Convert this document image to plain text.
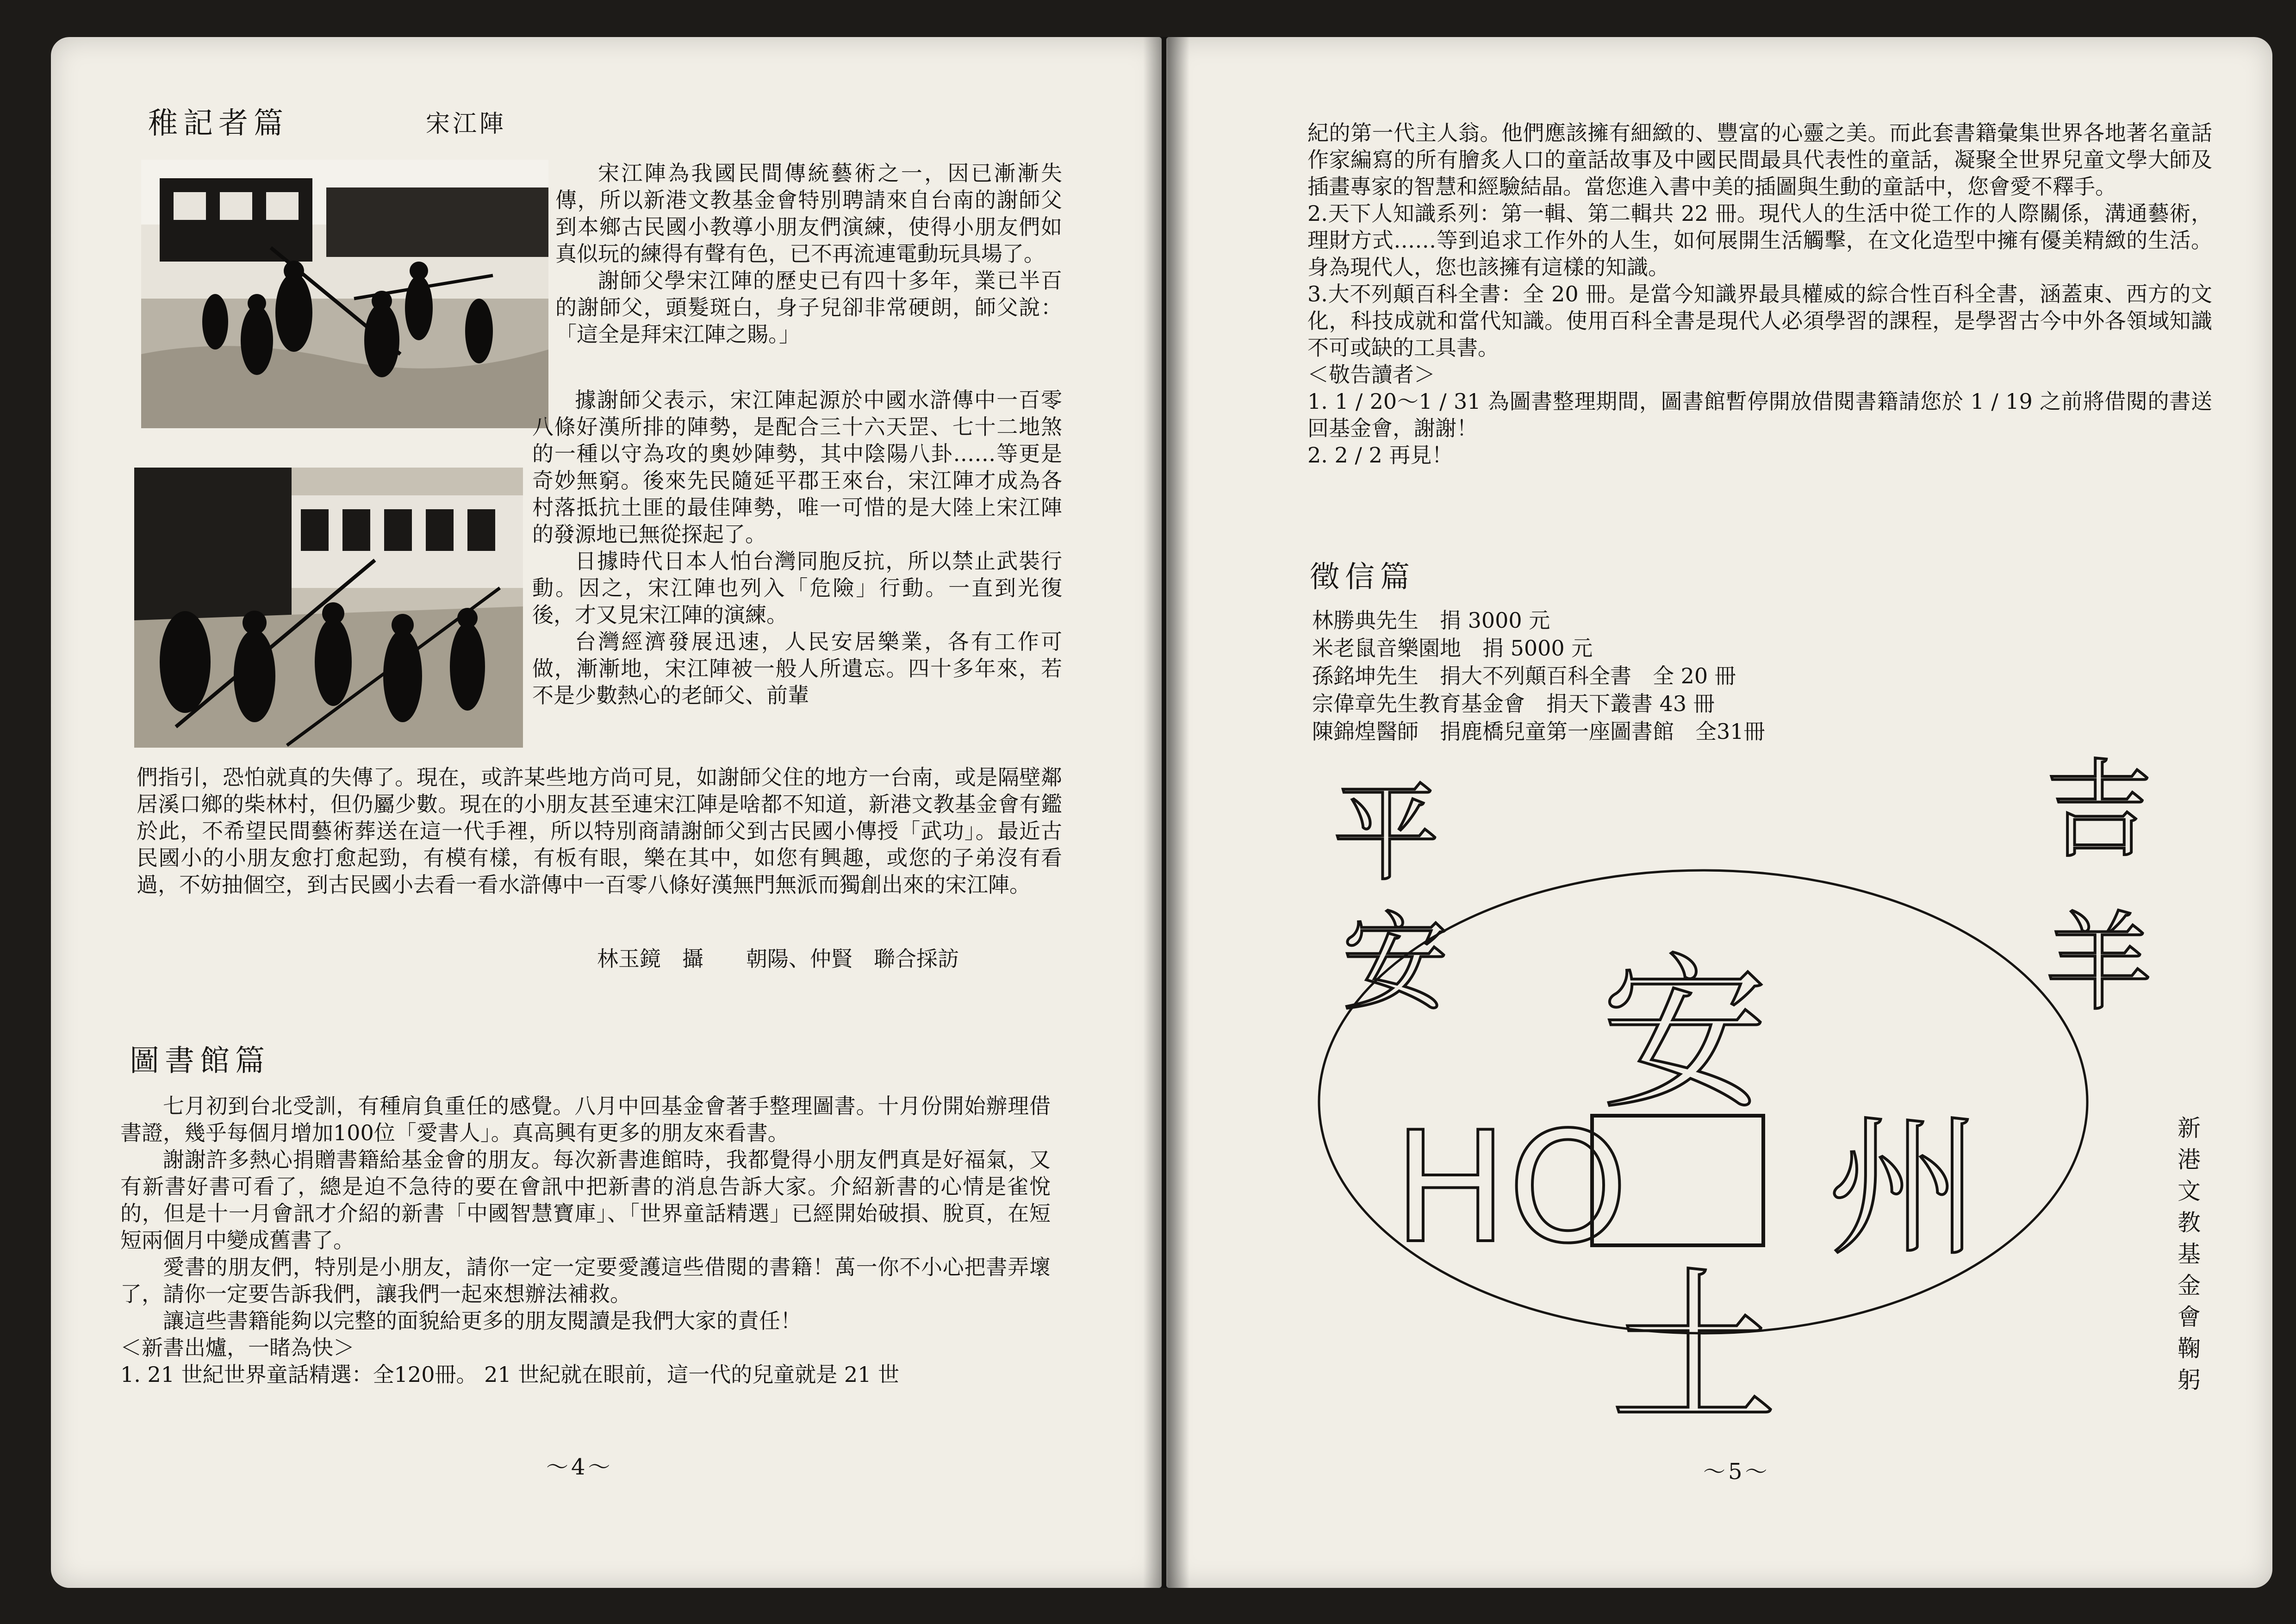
稚記者篇	宋江陣

宋江陣為我國民間傳統藝術之一，因已漸漸失傳，所以新港文教基金會特別聘請來自台南的謝師父到本鄉古民國小教導小朋友們演練，使得小朋友們如真似玩的練得有聲有色，已不再流連電動玩具場了。

謝師父學宋江陣的歷史已有四十多年，業已半百的謝師父，頭髮斑白，身子兒卻非常硬朗，師父說：「這全是拜宋江陣之賜。」

據謝師父表示，宋江陣起源於中國水滸傳中一百零八條好漢所排的陣勢，是配合三十六天罡、七十二地煞的一種以守為攻的奧妙陣勢，其中陰陽八卦……等更是奇妙無窮。後來先民隨延平郡王來台，宋江陣才成為各村落抵抗土匪的最佳陣勢，唯一可惜的是大陸上宋江陣的發源地已無從探起了。

日據時代日本人怕台灣同胞反抗，所以禁止武裝行動。因之，宋江陣也列入「危險」行動。一直到光復後，才又見宋江陣的演練。

台灣經濟發展迅速，人民安居樂業，各有工作可做，漸漸地，宋江陣被一般人所遺忘。四十多年來，若不是少數熱心的老師父、前輩

們指引，恐怕就真的失傳了。現在，或許某些地方尚可見，如謝師父住的地方一台南，或是隔壁鄰居溪口鄉的柴林村，但仍屬少數。現在的小朋友甚至連宋江陣是啥都不知道，新港文教基金會有鑑於此，不希望民間藝術葬送在這一代手裡，所以特別商請謝師父到古民國小傳授「武功」。最近古民國小的小朋友愈打愈起勁，有模有樣，有板有眼，樂在其中，如您有興趣，或您的子弟沒有看過，不妨抽個空，到古民國小去看一看水滸傳中一百零八條好漢無門無派而獨創出來的宋江陣。

林玉鏡　攝　　朝陽、仲賢　聯合採訪
圖書館篇

七月初到台北受訓，有種肩負重任的感覺。八月中回基金會著手整理圖書。十月份開始辦理借書證，幾乎每個月增加100位「愛書人」。真高興有更多的朋友來看書。

謝謝許多熱心捐贈書籍給基金會的朋友。每次新書進館時，我都覺得小朋友們真是好福氣，又有新書好書可看了，總是迫不急待的要在會訊中把新書的消息告訴大家。介紹新書的心情是雀悅的，但是十一月會訊才介紹的新書「中國智慧寶庫」、「世界童話精選」已經開始破損、脫頁，在短短兩個月中變成舊書了。

愛書的朋友們，特別是小朋友，請你一定一定要愛護這些借閱的書籍！萬一你不小心把書弄壞了，請你一定要告訴我們，讓我們一起來想辦法補救。

讓這些書籍能夠以完整的面貌給更多的朋友閱讀是我們大家的責任！

＜新書出爐，一睹為快＞

1. 21 世紀世界童話精選：全120冊。 21 世紀就在眼前，這一代的兒童就是 21 世

～4～

紀的第一代主人翁。他們應該擁有細緻的、豐富的心靈之美。而此套書籍彙集世界各地著名童話作家編寫的所有膾炙人口的童話故事及中國民間最具代表性的童話，凝聚全世界兒童文學大師及插畫專家的智慧和經驗結晶。當您進入書中美的插圖與生動的童話中，您會愛不釋手。

2.天下人知識系列：第一輯、第二輯共 22 冊。現代人的生活中從工作的人際關係，溝通藝術，理財方式……等到追求工作外的人生，如何展開生活觸擊，在文化造型中擁有優美精緻的生活。身為現代人，您也該擁有這樣的知識。

3.大不列顛百科全書：全 20 冊。是當今知識界最具權威的綜合性百科全書，涵蓋東、西方的文化，科技成就和當代知識。使用百科全書是現代人必須學習的課程，是學習古今中外各領域知識不可或缺的工具書。

＜敬告讀者＞

1. 1 / 20～1 / 31 為圖書整理期間，圖書館暫停開放借閱書籍請您於 1 / 19 之前將借閱的書送回基金會，謝謝！

2. 2 / 2 再見！

徵信篇
林勝典先生　捐 3000 元
米老鼠音樂園地　捐 5000 元
孫銘坤先生　捐大不列顛百科全書　全 20 冊
宗偉章先生教育基金會　捐天下叢書 43 冊
陳錦煌醫師　捐鹿橋兒童第一座圖書館　全31冊
平
安
吉
羊
安
HO 州
土	新港文教基金會鞠躬
～5～
